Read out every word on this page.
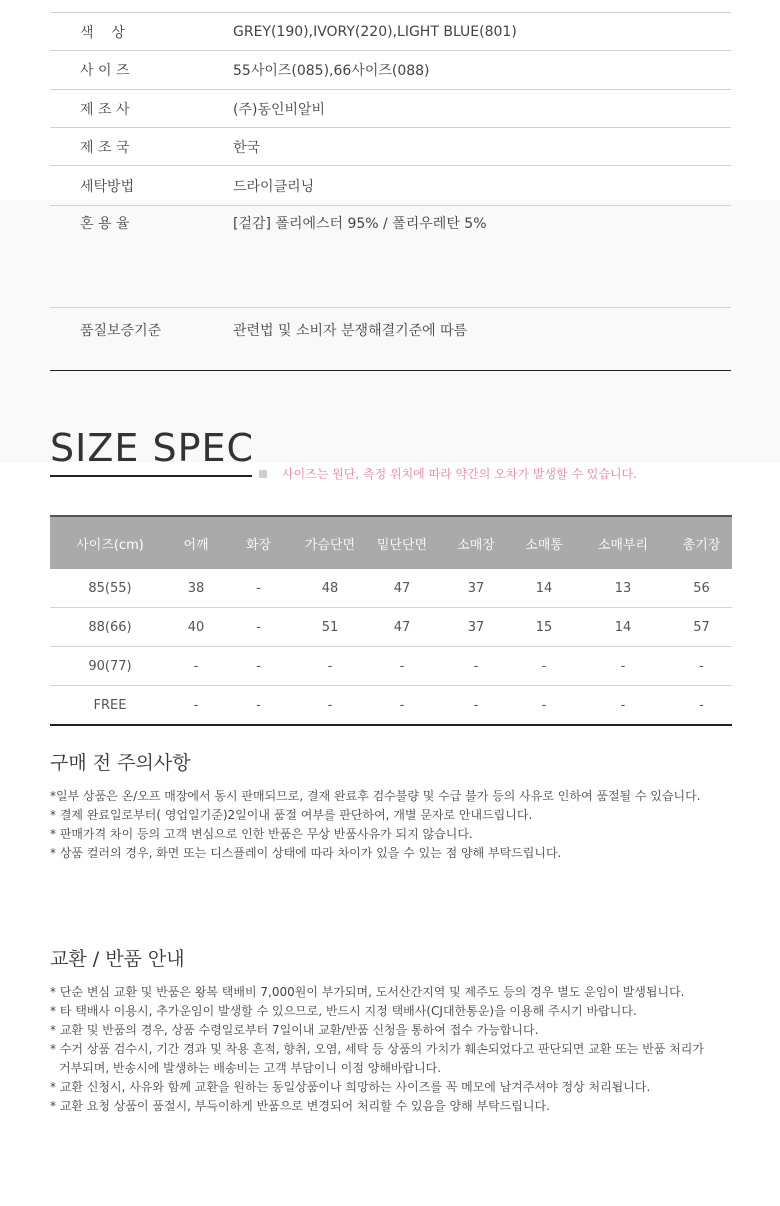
색    상	GREY(190),IVORY(220),LIGHT BLUE(801)
사 이 즈	55사이즈(085),66사이즈(088)
제 조 사	(주)동인비알비
제 조 국	한국
세탁방법	드라이클리닝
혼 용 율	[겉감] 폴리에스터 95% / 폴리우레탄 5%
품질보증기준	관련법 및 소비자 분쟁해결기준에 따름
SIZE SPEC
사이즈는 원단, 측정 위치에 따라 약간의 오차가 발생할 수 있습니다.
사이즈(cm)	어깨	화장	가슴단면	밑단단면	소매장	소매통	소매부리	총기장
85(55)	38	-	48	47	37	14	13	56
88(66)	40	-	51	47	37	15	14	57
90(77)	-	-	-	-	-	-	-	-
FREE	-	-	-	-	-	-	-	-
구매 전 주의사항
*일부 상품은 온/오프 매장에서 동시 판매되므로, 결재 완료후 검수불량 및 수급 불가 등의 사유로 인하여 품절될 수 있습니다.
* 결제 완료일로부터( 영업일기준)2일이내 품절 여부를 판단하여, 개별 문자로 안내드립니다.
* 판매가격 차이 등의 고객 변심으로 인한 반품은 무상 반품사유가 되지 않습니다.
* 상품 컬러의 경우, 화면 또는 디스플레이 상태에 따라 차이가 있을 수 있는 점 양해 부탁드립니다.
교환 / 반품 안내
* 단순 변심 교환 및 반품은 왕복 택배비 7,000원이 부가되며, 도서산간지역 및 제주도 등의 경우 별도 운임이 발생됩니다.
* 타 택배사 이용시, 추가운임이 발생할 수 있으므로, 반드시 지정 택배사(CJ대한통운)을 이용해 주시기 바랍니다.
* 교환 및 반품의 경우, 상품 수령일로부터 7일이내 교환/반품 신청을 통하여 접수 가능합니다.
* 수거 상품 검수시, 기간 경과 및 착용 흔적, 향취, 오염, 세탁 등 상품의 가치가 훼손되었다고 판단되면 교환 또는 반품 처리가
거부되며, 반송시에 발생하는 배송비는 고객 부담이니 이점 양해바랍니다.
* 교환 신청시, 사유와 함께 교환을 원하는 동일상품이나 희망하는 사이즈를 꼭 메모에 남겨주셔야 정상 처리됩니다.
* 교환 요청 상품이 품절시, 부득이하게 반품으로 변경되어 처리할 수 있음을 양해 부탁드립니다.
